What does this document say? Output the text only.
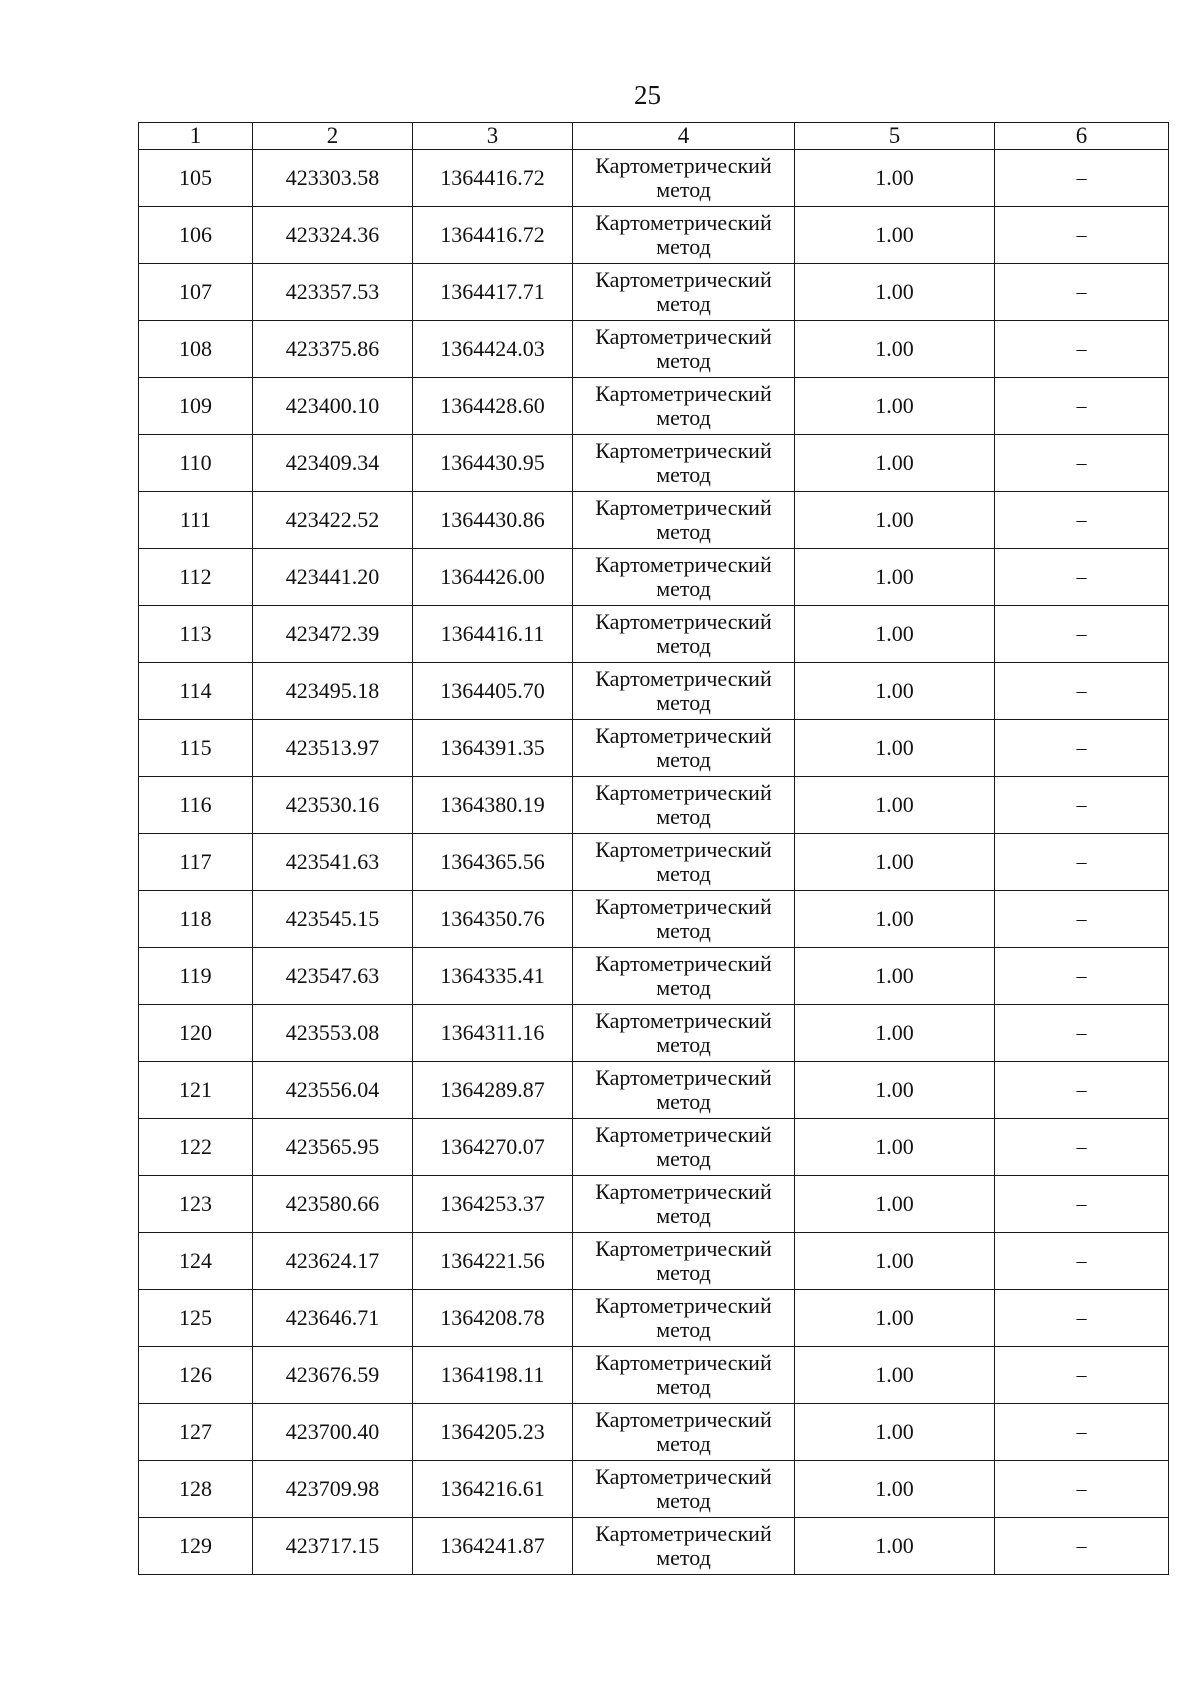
25
1	2	3	4	5	6
105	423303.58	1364416.72	Картометрический
метод	1.00	–
106	423324.36	1364416.72	Картометрический
метод	1.00	–
107	423357.53	1364417.71	Картометрический
метод	1.00	–
108	423375.86	1364424.03	Картометрический
метод	1.00	–
109	423400.10	1364428.60	Картометрический
метод	1.00	–
110	423409.34	1364430.95	Картометрический
метод	1.00	–
111	423422.52	1364430.86	Картометрический
метод	1.00	–
112	423441.20	1364426.00	Картометрический
метод	1.00	–
113	423472.39	1364416.11	Картометрический
метод	1.00	–
114	423495.18	1364405.70	Картометрический
метод	1.00	–
115	423513.97	1364391.35	Картометрический
метод	1.00	–
116	423530.16	1364380.19	Картометрический
метод	1.00	–
117	423541.63	1364365.56	Картометрический
метод	1.00	–
118	423545.15	1364350.76	Картометрический
метод	1.00	–
119	423547.63	1364335.41	Картометрический
метод	1.00	–
120	423553.08	1364311.16	Картометрический
метод	1.00	–
121	423556.04	1364289.87	Картометрический
метод	1.00	–
122	423565.95	1364270.07	Картометрический
метод	1.00	–
123	423580.66	1364253.37	Картометрический
метод	1.00	–
124	423624.17	1364221.56	Картометрический
метод	1.00	–
125	423646.71	1364208.78	Картометрический
метод	1.00	–
126	423676.59	1364198.11	Картометрический
метод	1.00	–
127	423700.40	1364205.23	Картометрический
метод	1.00	–
128	423709.98	1364216.61	Картометрический
метод	1.00	–
129	423717.15	1364241.87	Картометрический
метод	1.00	–
